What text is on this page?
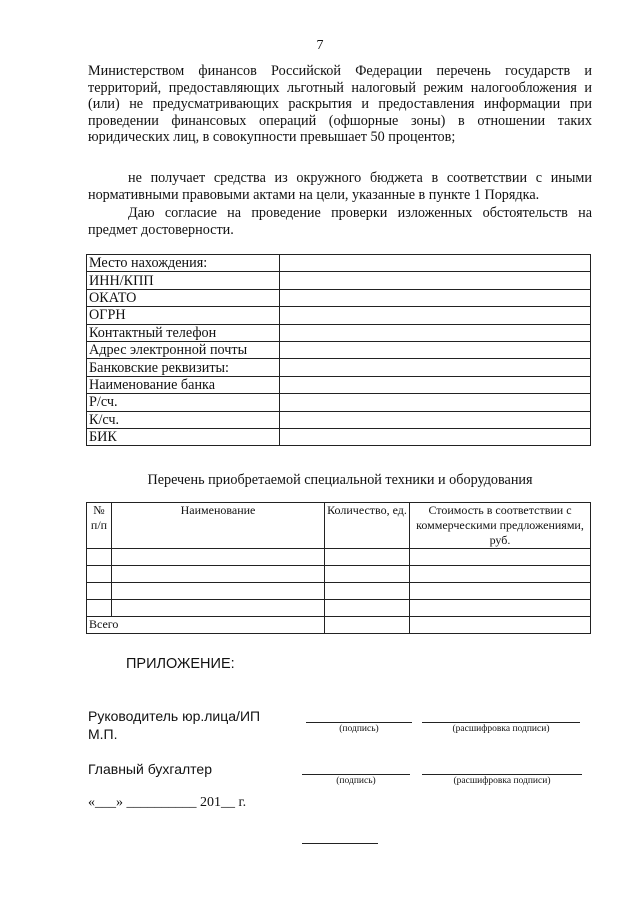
7

Министерством финансов Российской Федерации перечень государств и территорий, предоставляющих льготный налоговый режим налогообложения и (или) не предусматривающих раскрытия и предоставления информации при проведении финансовых операций (офшорные зоны) в отношении таких юридических лиц, в совокупности превышает 50 процентов;

не получает средства из окружного бюджета в соответствии с иными нормативными правовыми актами на цели, указанные в пункте 1 Порядка.

Даю согласие на проведение проверки изложенных обстоятельств на предмет достоверности.

Место нахождения:	
ИНН/КПП	
ОКАТО	
ОГРН	
Контактный телефон	
Адрес электронной почты	
Банковские реквизиты:	
Наименование банка	
Р/сч.	
К/сч.	
БИК	
Перечень приобретаемой специальной техники и оборудования
№ п/п	Наименование	Количество, ед.	Стоимость в соответствии с коммерческими предложениями, руб.

Всего			
ПРИЛОЖЕНИЕ:
Руководитель юр.лица/ИП
М.П.	(подпись)	(расшифровка подписи)
Главный бухгалтер
(подпись)	(расшифровка подписи)
«___» __________ 201__ г.
